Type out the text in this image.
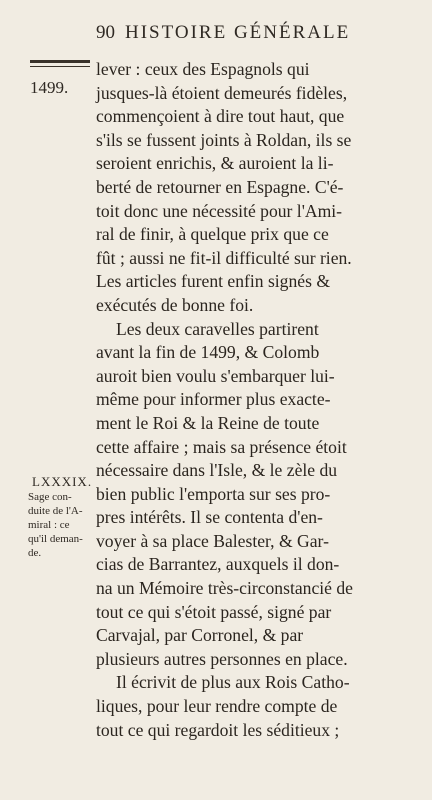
90 HISTOIRE GÉNÉRALE
1499.
LXXXIX.
Sage con-
duite de l'A-
miral : ce
qu'il deman-
de.
lever : ceux des Espagnols qui
jusques-là étoient demeurés fidèles,
commençoient à dire tout haut, que
s'ils se fussent joints à Roldan, ils se
seroient enrichis, & auroient la li-
berté de retourner en Espagne. C'é-
toit donc une nécessité pour l'Ami-
ral de finir, à quelque prix que ce
fût ; aussi ne fit-il difficulté sur rien.
Les articles furent enfin signés &
exécutés de bonne foi.
Les deux caravelles partirent
avant la fin de 1499, & Colomb
auroit bien voulu s'embarquer lui-
même pour informer plus exacte-
ment le Roi & la Reine de toute
cette affaire ; mais sa présence étoit
nécessaire dans l'Isle, & le zèle du
bien public l'emporta sur ses pro-
pres intérêts. Il se contenta d'en-
voyer à sa place Balester, & Gar-
cias de Barrantez, auxquels il don-
na un Mémoire très-circonstancié de
tout ce qui s'étoit passé, signé par
Carvajal, par Corronel, & par
plusieurs autres personnes en place.
Il écrivit de plus aux Rois Catho-
liques, pour leur rendre compte de
tout ce qui regardoit les séditieux ;
